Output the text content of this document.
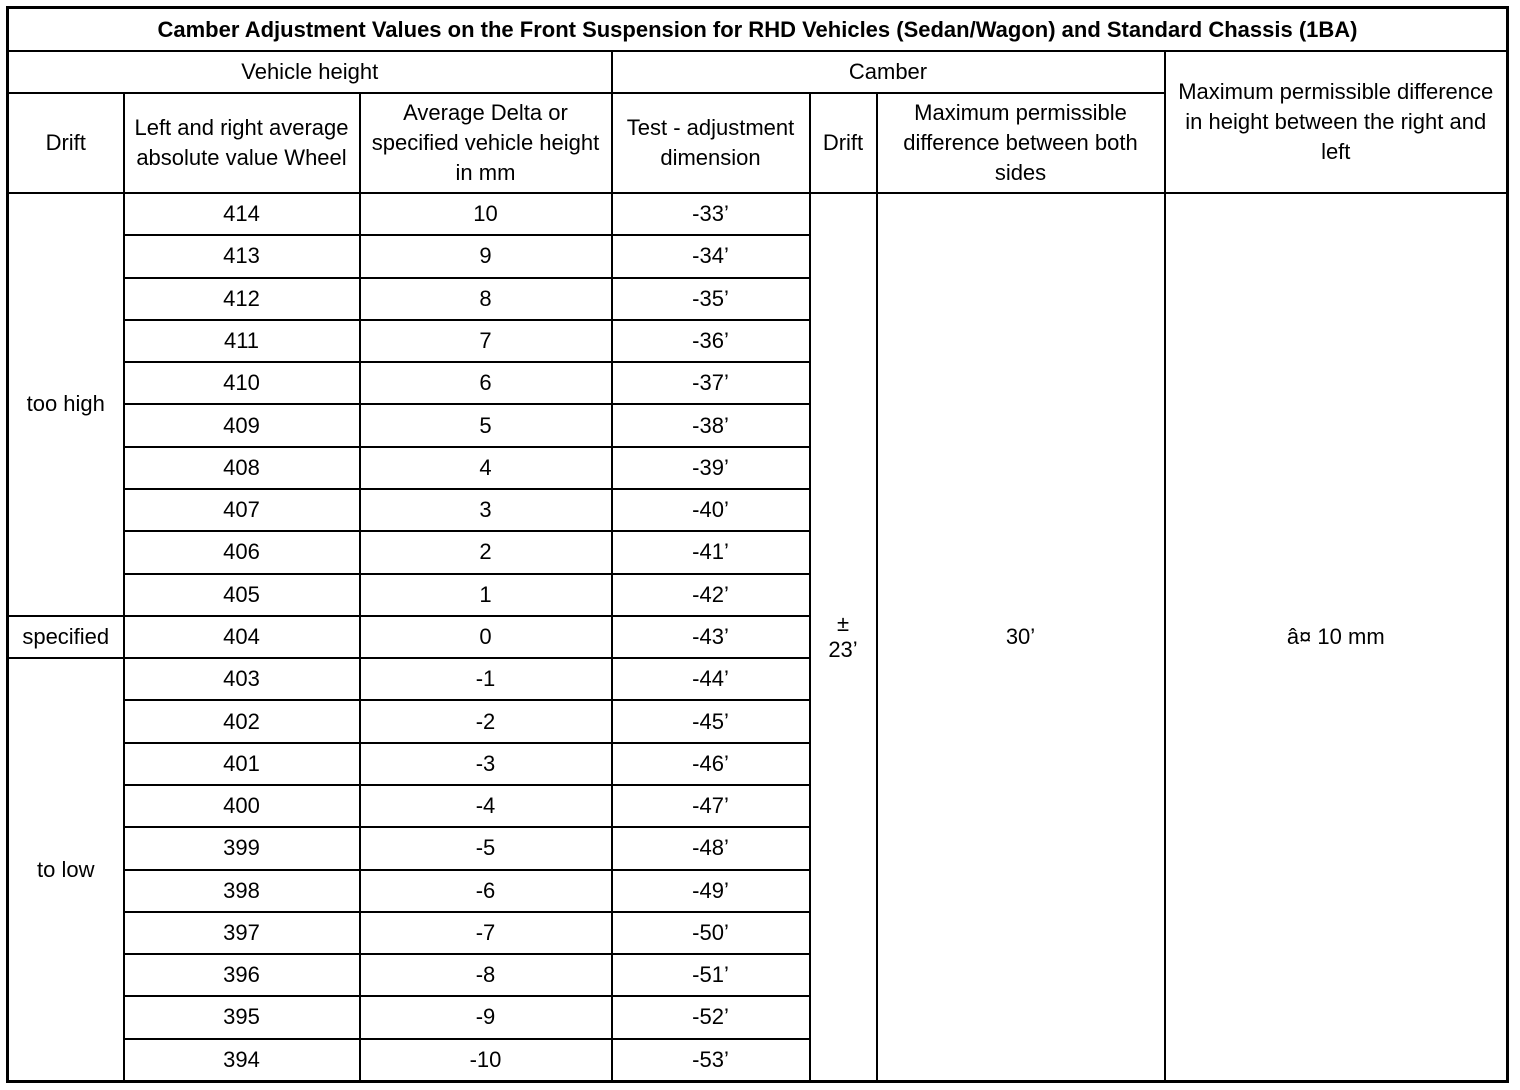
Camber Adjustment Values on the Front Suspension for RHD Vehicles (Sedan/Wagon) and Standard Chassis (1BA)						
Vehicle height			Camber			Maximum permissible difference in height between the right and left
Drift	Left and right average absolute value Wheel	Average Delta or specified vehicle height in mm	Test - adjustment dimension	Drift	Maximum permissible difference between both sides	
too high	414	10	-33’	± 23’	30’	â¤ 10 mm
	413	9	-34’			
	412	8	-35’			
	411	7	-36’			
	410	6	-37’			
	409	5	-38’			
	408	4	-39’			
	407	3	-40’			
	406	2	-41’			
	405	1	-42’			
specified	404	0	-43’			
to low	403	-1	-44’			
	402	-2	-45’			
	401	-3	-46’			
	400	-4	-47’			
	399	-5	-48’			
	398	-6	-49’			
	397	-7	-50’			
	396	-8	-51’			
	395	-9	-52’			
	394	-10	-53’			
